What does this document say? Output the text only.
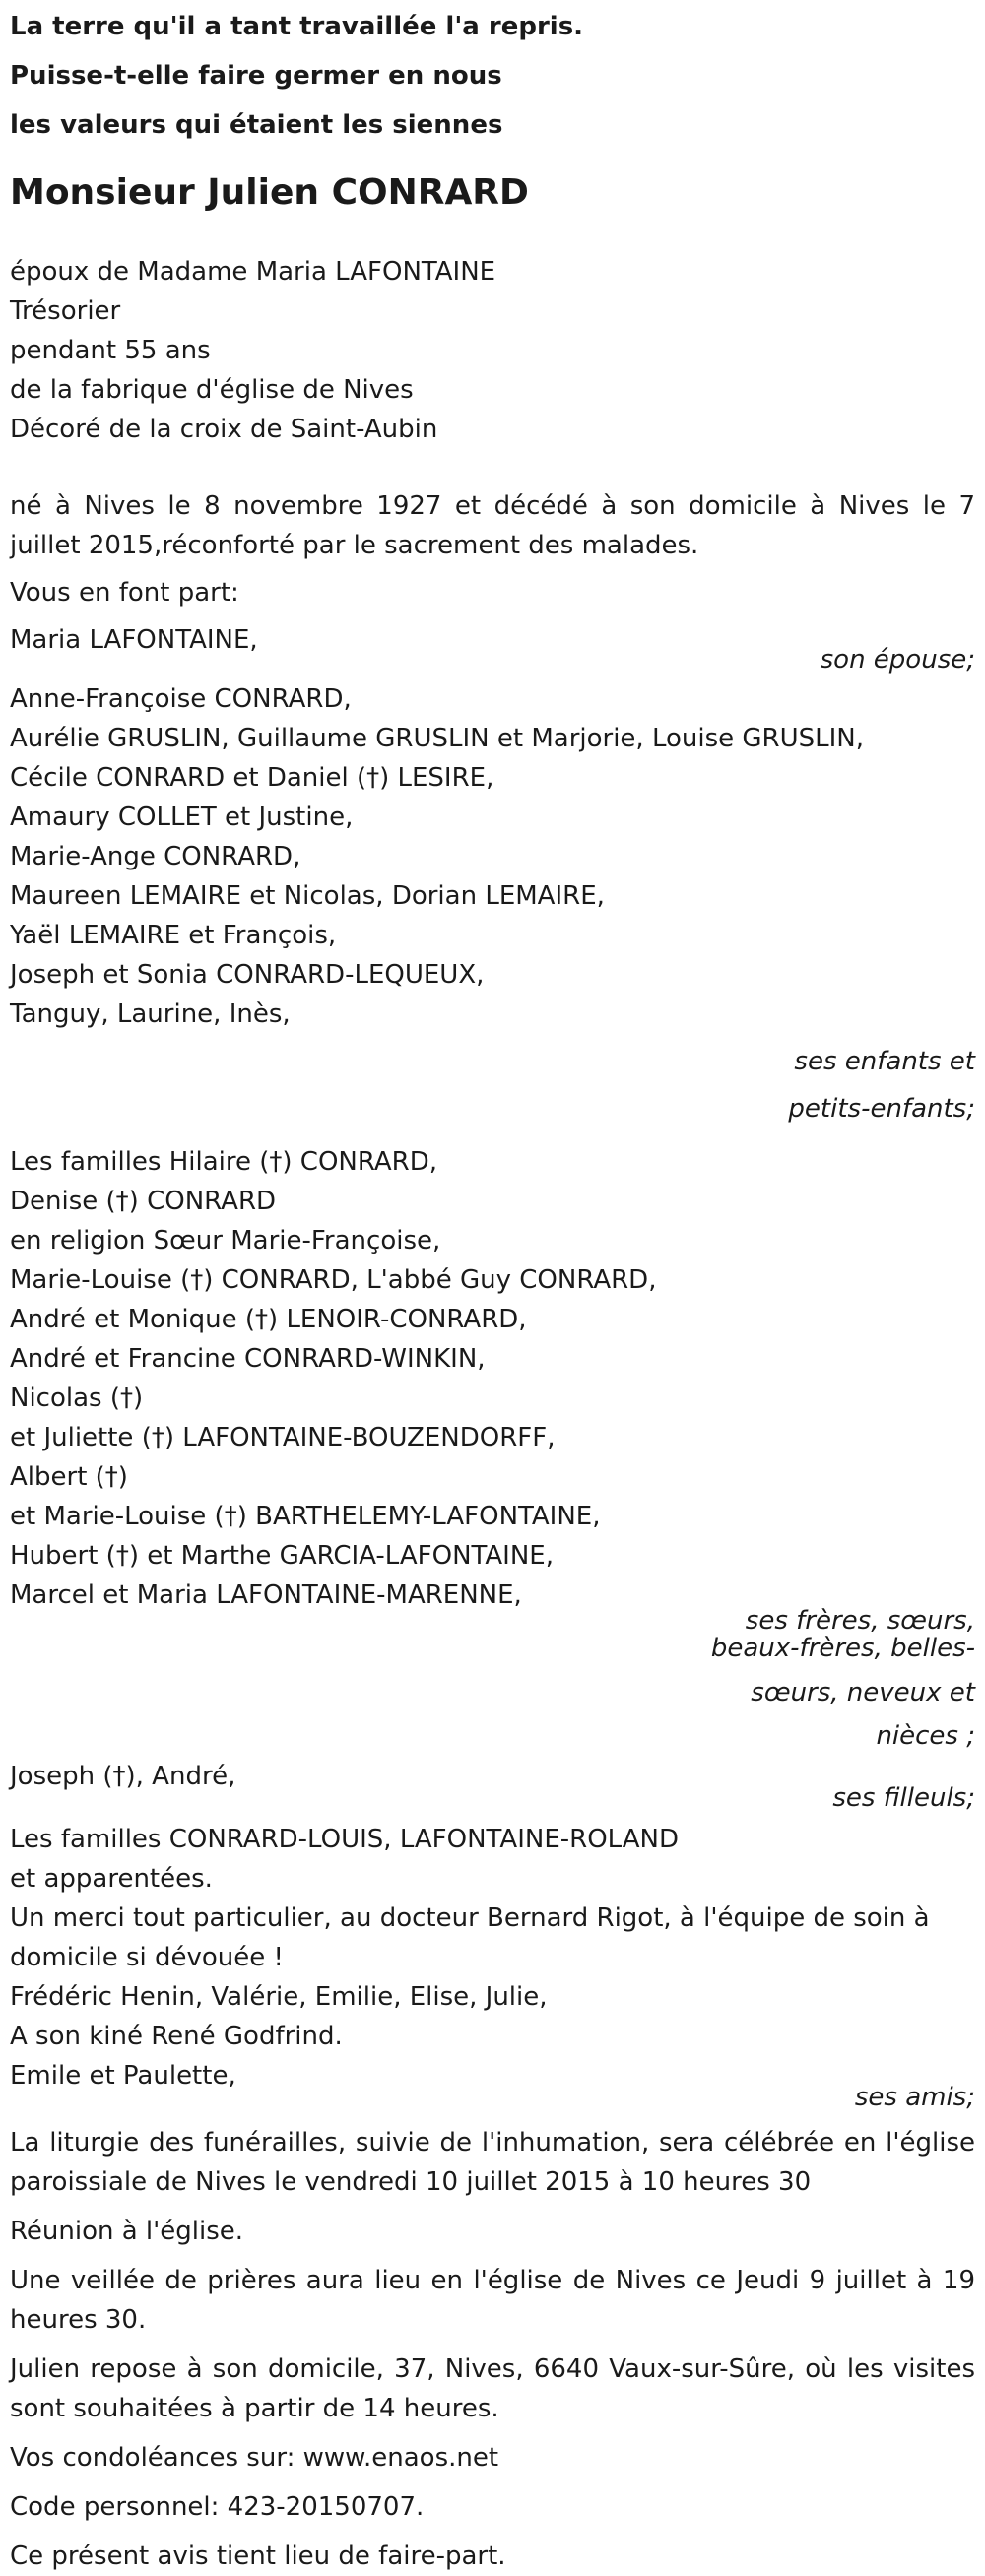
La terre qu'il a tant travaillée l'a repris.
Puisse-t-elle faire germer en nous
les valeurs qui étaient les siennes
Monsieur Julien CONRARD
époux de Madame Maria LAFONTAINE
Trésorier
pendant 55 ans
de la fabrique d'église de Nives
Décoré de la croix de Saint-Aubin
né à Nives le 8 novembre 1927 et décédé à son domicile à Nives le 7 juillet 2015,réconforté par le sacrement des malades.
Vous en font part:
Maria LAFONTAINE,
son épouse;
Anne-Françoise CONRARD,
Aurélie GRUSLIN, Guillaume GRUSLIN et Marjorie, Louise GRUSLIN,
Cécile CONRARD et Daniel (†) LESIRE,
Amaury COLLET et Justine,
Marie-Ange CONRARD,
Maureen LEMAIRE et Nicolas, Dorian LEMAIRE,
Yaël LEMAIRE et François,
Joseph et Sonia CONRARD-LEQUEUX,
Tanguy, Laurine, Inès,
ses enfants et
petits-enfants;
Les familles Hilaire (†) CONRARD,
Denise (†) CONRARD
en religion Sœur Marie-Françoise,
Marie-Louise (†) CONRARD, L'abbé Guy CONRARD,
André et Monique (†) LENOIR-CONRARD,
André et Francine CONRARD-WINKIN,
Nicolas (†)
et Juliette (†) LAFONTAINE-BOUZENDORFF,
Albert (†)
et Marie-Louise (†) BARTHELEMY-LAFONTAINE,
Hubert (†) et Marthe GARCIA-LAFONTAINE,
Marcel et Maria LAFONTAINE-MARENNE,
ses frères, sœurs,
beaux-frères, belles-
sœurs, neveux et
nièces ;
Joseph (†), André,
ses filleuls;
Les familles CONRARD-LOUIS, LAFONTAINE-ROLAND
et apparentées.
Un merci tout particulier, au docteur Bernard Rigot, à l'équipe de soin à
domicile si dévouée !
Frédéric Henin, Valérie, Emilie, Elise, Julie,
A son kiné René Godfrind.
Emile et Paulette,
ses amis;
La liturgie des funérailles, suivie de l'inhumation, sera célébrée en l'église paroissiale de Nives le vendredi 10 juillet 2015 à 10 heures 30
Réunion à l'église.
Une veillée de prières aura lieu en l'église de Nives ce Jeudi 9 juillet à 19 heures 30.
Julien repose à son domicile, 37, Nives, 6640 Vaux-sur-Sûre, où les visites sont souhaitées à partir de 14 heures.
Vos condoléances sur: www.enaos.net
Code personnel: 423-20150707.
Ce présent avis tient lieu de faire-part.
